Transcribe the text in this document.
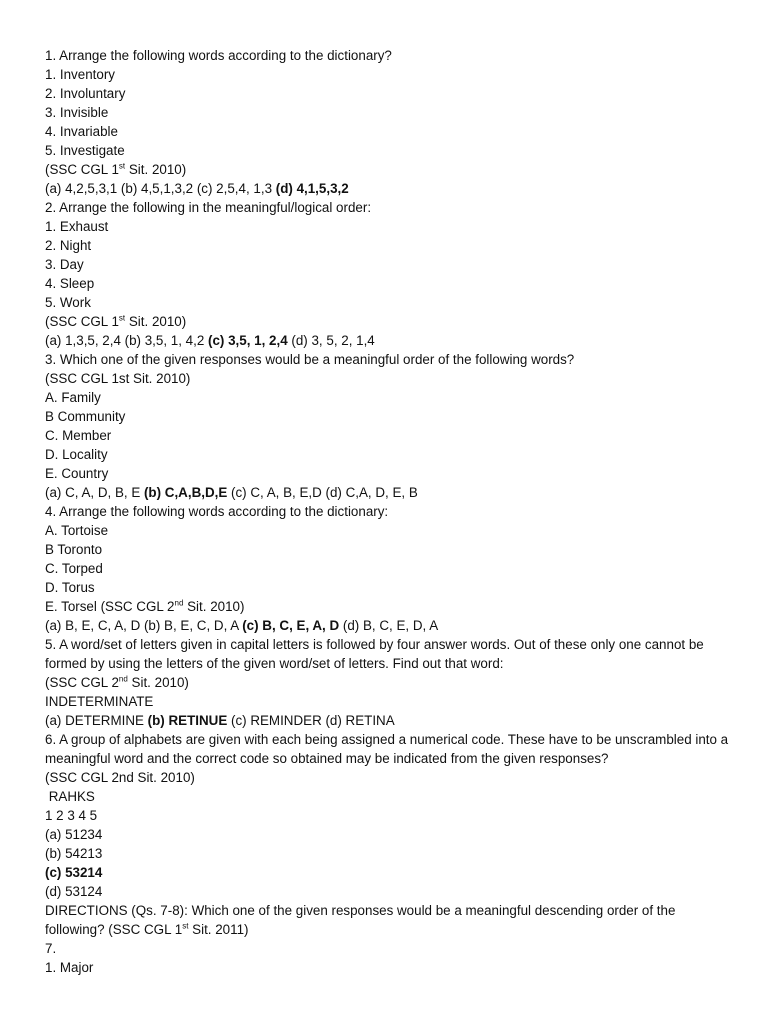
1. Arrange the following words according to the dictionary?
1. Inventory
2. Involuntary
3. Invisible
4. Invariable
5. Investigate
(SSC CGL 1st Sit. 2010)
(a) 4,2,5,3,1 (b) 4,5,1,3,2 (c) 2,5,4, 1,3 (d) 4,1,5,3,2
2. Arrange the following in the meaningful/logical order:
1. Exhaust
2. Night
3. Day
4. Sleep
5. Work
(SSC CGL 1st Sit. 2010)
(a) 1,3,5, 2,4 (b) 3,5, 1, 4,2 (c) 3,5, 1, 2,4 (d) 3, 5, 2, 1,4
3. Which one of the given responses would be a meaningful order of the following words?
(SSC CGL 1st Sit. 2010)
A. Family
B Community
C. Member
D. Locality
E. Country
(a) C, A, D, B, E (b) C,A,B,D,E (c) C, A, B, E,D (d) C,A, D, E, B
4. Arrange the following words according to the dictionary:
A. Tortoise
B Toronto
C. Torped
D. Torus
E. Torsel (SSC CGL 2nd Sit. 2010)
(a) B, E, C, A, D (b) B, E, C, D, A (c) B, C, E, A, D (d) B, C, E, D, A
5. A word/set of letters given in capital letters is followed by four answer words. Out of these only one cannot be formed by using the letters of the given word/set of letters. Find out that word:
(SSC CGL 2nd Sit. 2010)
INDETERMINATE
(a) DETERMINE (b) RETINUE (c) REMINDER (d) RETINA
6. A group of alphabets are given with each being assigned a numerical code. These have to be unscrambled into a meaningful word and the correct code so obtained may be indicated from the given responses?
(SSC CGL 2nd Sit. 2010)
RAHKS
1 2 3 4 5
(a) 51234
(b) 54213
(c) 53214
(d) 53124
DIRECTIONS (Qs. 7-8): Which one of the given responses would be a meaningful descending order of the following? (SSC CGL 1st Sit. 2011)
7.
1. Major
